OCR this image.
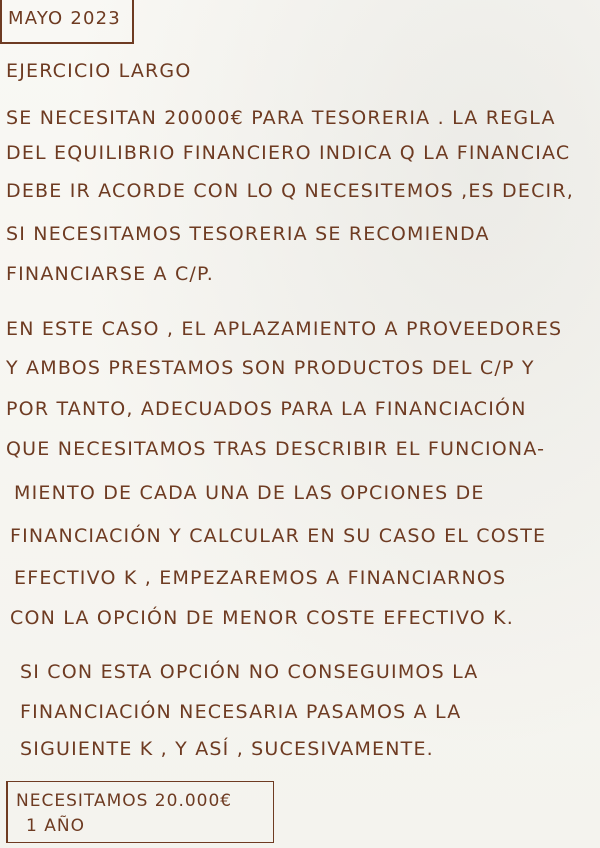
MAYO 2023
EJERCICIO LARGO
SE NECESITAN 20000€ PARA TESORERIA . LA REGLA
DEL EQUILIBRIO FINANCIERO INDICA Q LA FINANCIAC
DEBE IR ACORDE CON LO Q NECESITEMOS ,ES DECIR,
SI NECESITAMOS TESORERIA SE RECOMIENDA
FINANCIARSE A C/P.
EN ESTE CASO , EL APLAZAMIENTO A PROVEEDORES
Y AMBOS PRESTAMOS SON PRODUCTOS DEL C/P Y
POR TANTO, ADECUADOS PARA LA FINANCIACIÓN
QUE NECESITAMOS TRAS DESCRIBIR EL FUNCIONA-
MIENTO DE CADA UNA DE LAS OPCIONES DE
FINANCIACIÓN Y CALCULAR EN SU CASO EL COSTE
EFECTIVO K , EMPEZAREMOS A FINANCIARNOS
CON LA OPCIÓN DE MENOR COSTE EFECTIVO K.
SI CON ESTA OPCIÓN NO CONSEGUIMOS LA
FINANCIACIÓN NECESARIA PASAMOS A LA
SIGUIENTE K , Y ASÍ , SUCESIVAMENTE.
NECESITAMOS 20.000€
1 AÑO
